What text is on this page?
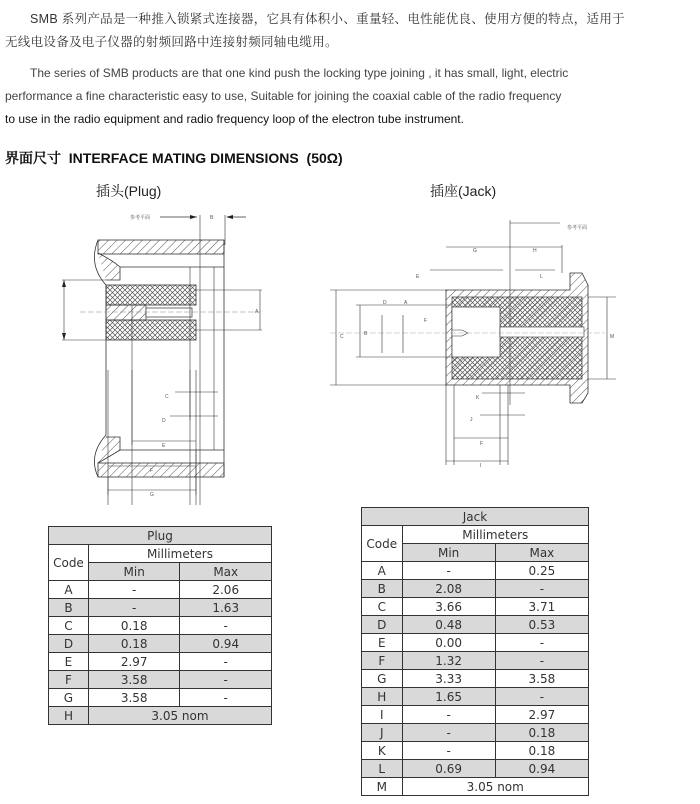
SMB 系列产品是一种推入锁紧式连接器，它具有体积小、重量轻、电性能优良、使用方便的特点，适用于
无线电设备及电子仪器的射频回路中连接射频同轴电缆用。
The series of SMB products are that one kind push the locking type joining , it has small, light, electric
performance a fine characteristic easy to use, Suitable for joining the coaxial cable of the radio frequency
to use in the radio equipment and radio frequency loop of the electron tube instrument.
界面尺寸  INTERFACE MATING DIMENSIONS  (50Ω)
插头(Plug)	插座(Jack)
参考平面	B
A
C
D
E
F
G
参考平面
G	H
E	L
C	B
D	A
F
M
K
J
F
I
Plug		
Code	Millimeters	
	Min	Max
A	-	2.06
B	-	1.63
C	0.18	-
D	0.18	0.94
E	2.97	-
F	3.58	-
G	3.58	-
H	3.05 nom	
Jack		
Code	Millimeters	
	Min	Max
A	-	0.25
B	2.08	-
C	3.66	3.71
D	0.48	0.53
E	0.00	-
F	1.32	-
G	3.33	3.58
H	1.65	-
I	-	2.97
J	-	0.18
K	-	0.18
L	0.69	0.94
M	3.05 nom	
